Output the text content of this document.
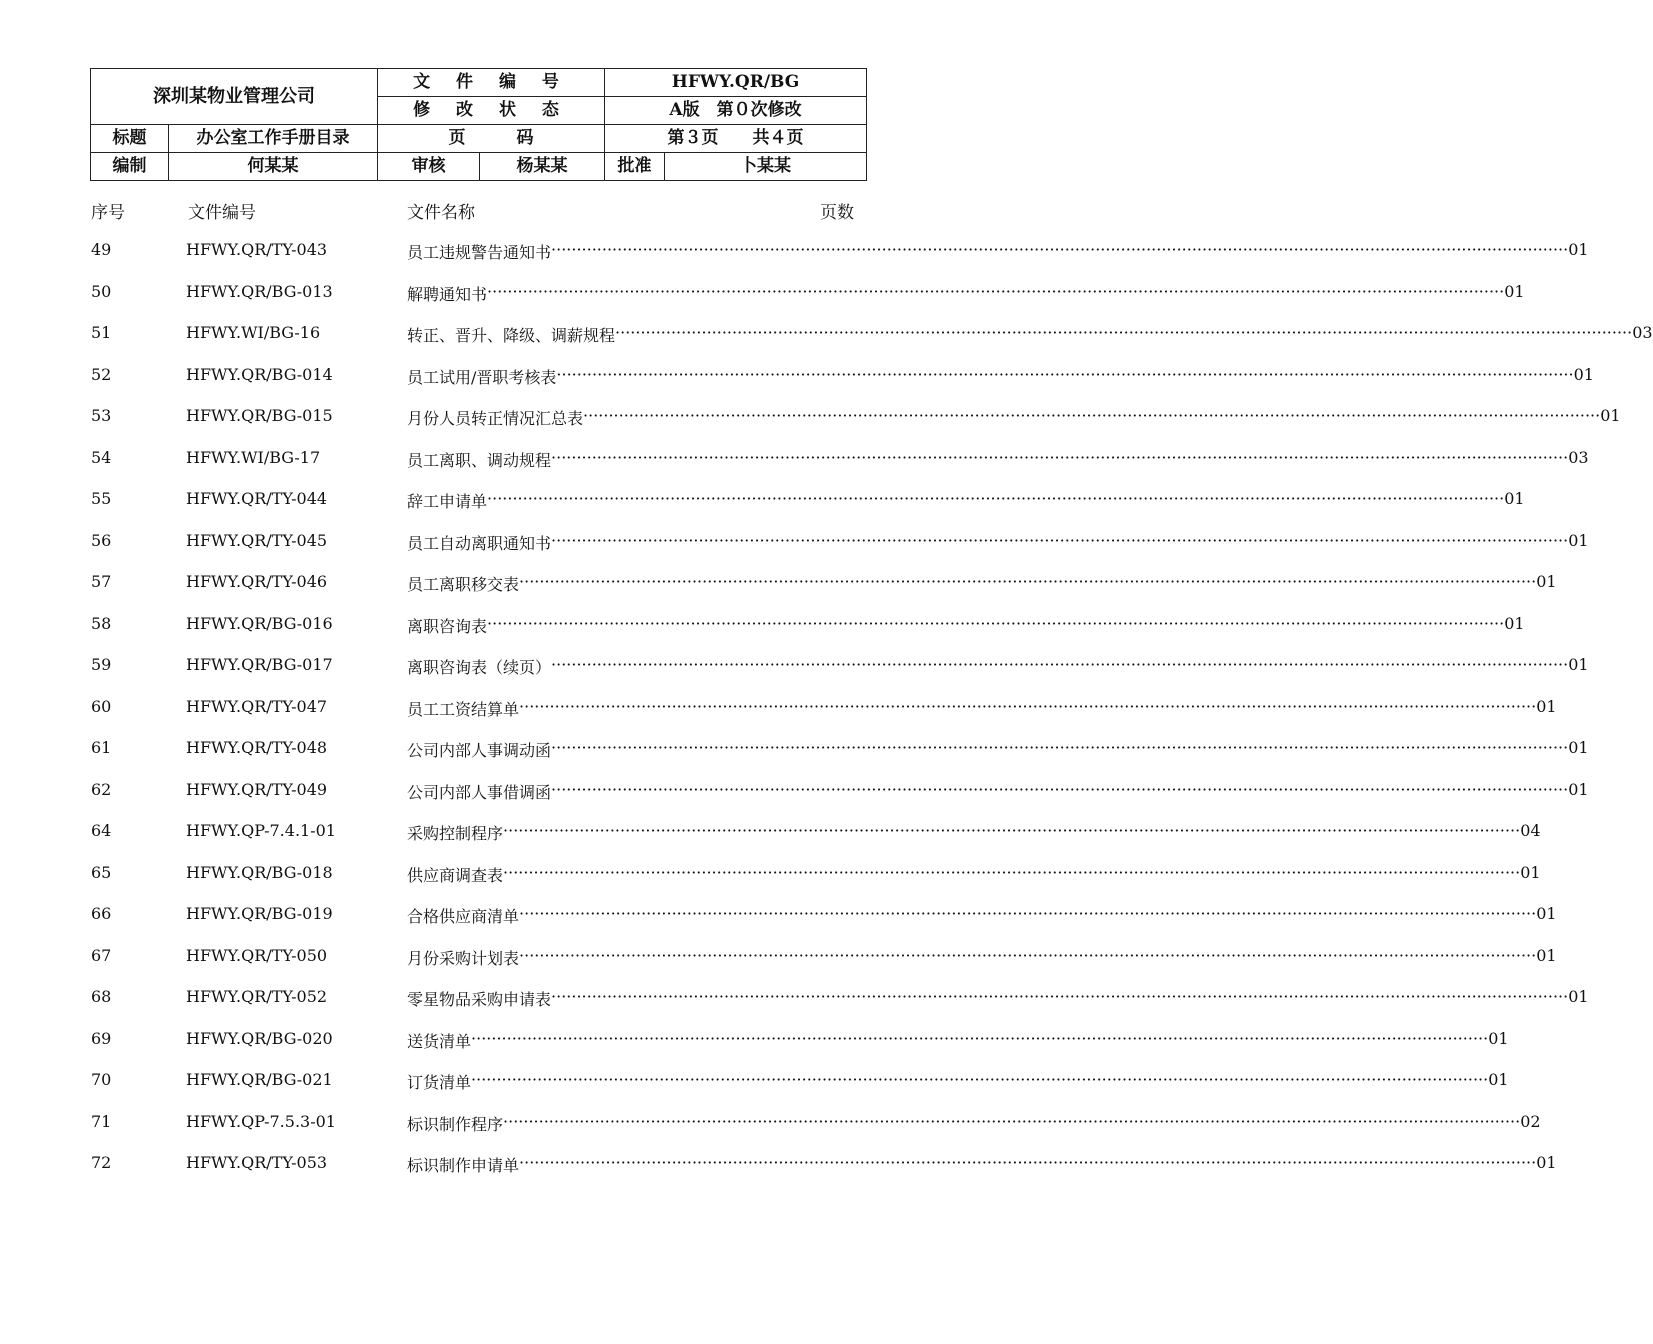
深圳某物业管理公司		文 件 编 号		HFWY.QR/BG	
		修 改 状 态		A版　第０次修改	
标题	办公室工作手册目录	页　　　码		第３页　　共４页	
编制	何某某	审核	杨某某	批准	卜某某
序号	文件编号	文件名称	页数
49	HFWY.QR/TY-043	员工违规警告通知书 ········································································································································································································ 01
50	HFWY.QR/BG-013	解聘通知书 ········································································································································································································ 01
51	HFWY.WI/BG-16	转正、晋升、降级、调薪规程 ········································································································································································································ 03
52	HFWY.QR/BG-014	员工试用/晋职考核表 ········································································································································································································ 01
53	HFWY.QR/BG-015	月份人员转正情况汇总表 ········································································································································································································ 01
54	HFWY.WI/BG-17	员工离职、调动规程 ········································································································································································································ 03
55	HFWY.QR/TY-044	辞工申请单 ········································································································································································································ 01
56	HFWY.QR/TY-045	员工自动离职通知书 ········································································································································································································ 01
57	HFWY.QR/TY-046	员工离职移交表 ········································································································································································································ 01
58	HFWY.QR/BG-016	离职咨询表 ········································································································································································································ 01
59	HFWY.QR/BG-017	离职咨询表（续页） ········································································································································································································ 01
60	HFWY.QR/TY-047	员工工资结算单 ········································································································································································································ 01
61	HFWY.QR/TY-048	公司内部人事调动函 ········································································································································································································ 01
62	HFWY.QR/TY-049	公司内部人事借调函 ········································································································································································································ 01
64	HFWY.QP-7.4.1-01	采购控制程序 ········································································································································································································ 04
65	HFWY.QR/BG-018	供应商调查表 ········································································································································································································ 01
66	HFWY.QR/BG-019	合格供应商清单 ········································································································································································································ 01
67	HFWY.QR/TY-050	月份采购计划表 ········································································································································································································ 01
68	HFWY.QR/TY-052	零星物品采购申请表 ········································································································································································································ 01
69	HFWY.QR/BG-020	送货清单 ········································································································································································································ 01
70	HFWY.QR/BG-021	订货清单 ········································································································································································································ 01
71	HFWY.QP-7.5.3-01	标识制作程序 ········································································································································································································ 02
72	HFWY.QR/TY-053	标识制作申请单 ········································································································································································································ 01
